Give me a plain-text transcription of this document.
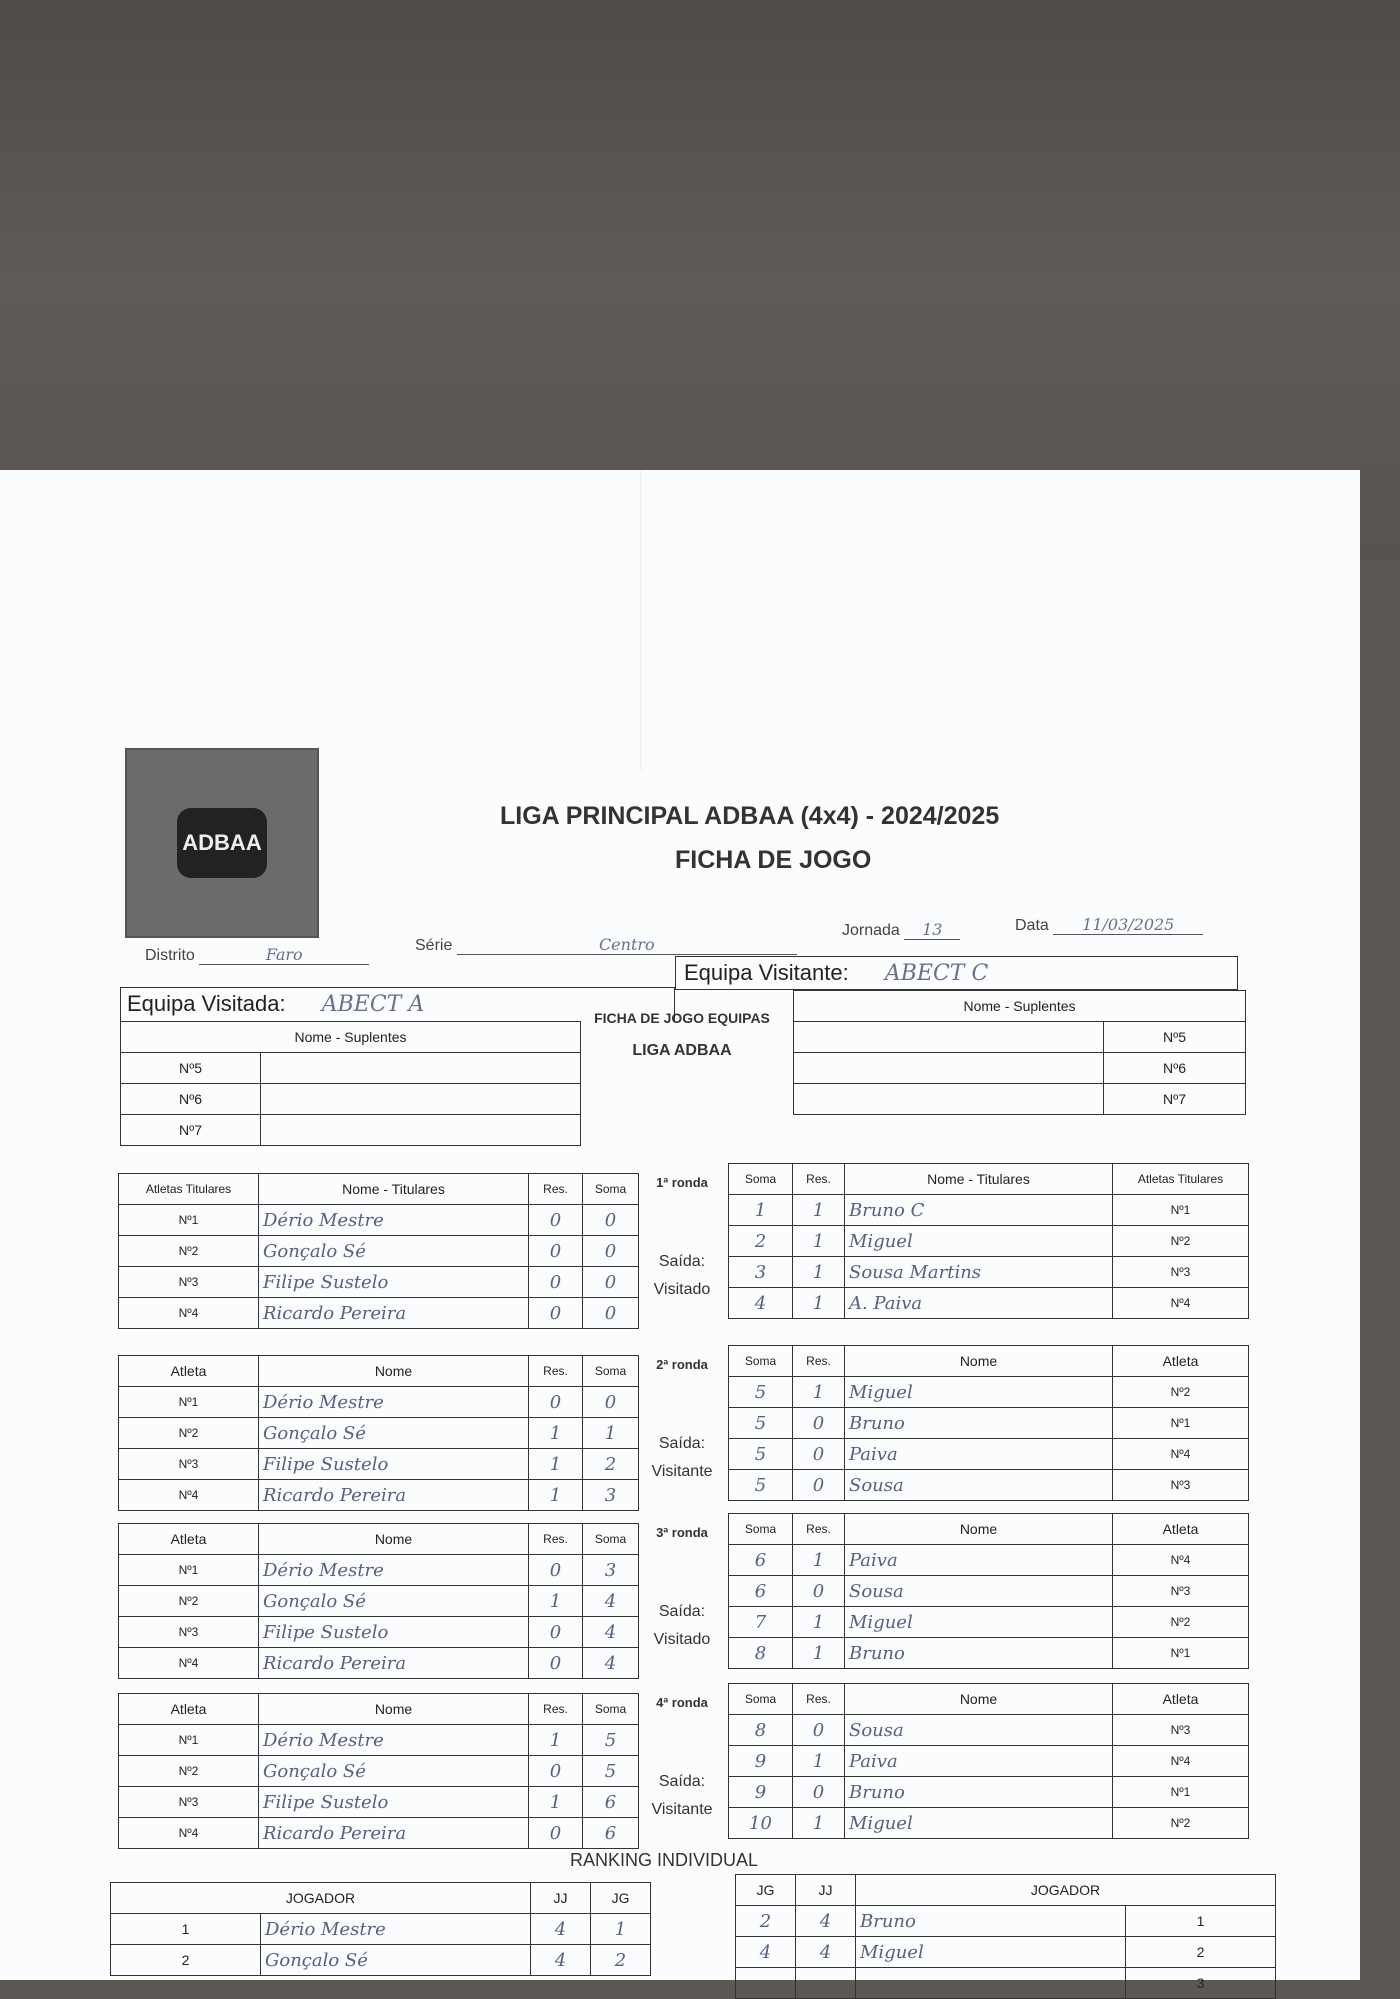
ADBAA
LIGA PRINCIPAL ADBAA (4x4) - 2024/2025
FICHA DE JOGO
Distrito	Faro	Série	Centro
Jornada 13	Data 11/03/2025
Equipa Visitante: ABECT C
Equipa Visitada: ABECT A
Nome - Suplentes	
Nº5	
Nº6	
Nº7	
FICHA DE JOGO EQUIPAS
LIGA ADBAA
Nome - Suplentes	
	Nº5
	Nº6
	Nº7
Atletas Titulares	Nome - Titulares	Res.	Soma
Nº1	Dério Mestre	0	0
Nº2	Gonçalo Sé	0	0
Nº3	Filipe Sustelo	0	0
Nº4	Ricardo Pereira	0	0
1ª ronda
Saída:
Visitado
Soma	Res.	Nome - Titulares	Atletas Titulares
1	1	Bruno C	Nº1
2	1	Miguel	Nº2
3	1	Sousa Martins	Nº3
4	1	A. Paiva	Nº4
Atleta	Nome	Res.	Soma
Nº1	Dério Mestre	0	0
Nº2	Gonçalo Sé	1	1
Nº3	Filipe Sustelo	1	2
Nº4	Ricardo Pereira	1	3
2ª ronda
Saída:
Visitante
Soma	Res.	Nome	Atleta
5	1	Miguel	Nº2
5	0	Bruno	Nº1
5	0	Paiva	Nº4
5	0	Sousa	Nº3
Atleta	Nome	Res.	Soma
Nº1	Dério Mestre	0	3
Nº2	Gonçalo Sé	1	4
Nº3	Filipe Sustelo	0	4
Nº4	Ricardo Pereira	0	4
3ª ronda
Saída:
Visitado
Soma	Res.	Nome	Atleta
6	1	Paiva	Nº4
6	0	Sousa	Nº3
7	1	Miguel	Nº2
8	1	Bruno	Nº1
Atleta	Nome	Res.	Soma
Nº1	Dério Mestre	1	5
Nº2	Gonçalo Sé	0	5
Nº3	Filipe Sustelo	1	6
Nº4	Ricardo Pereira	0	6
4ª ronda
Saída:
Visitante
Soma	Res.	Nome	Atleta
8	0	Sousa	Nº3
9	1	Paiva	Nº4
9	0	Bruno	Nº1
10	1	Miguel	Nº2
RANKING INDIVIDUAL
JOGADOR		JJ	JG
1	Dério Mestre	4	1
2	Gonçalo Sé	4	2
JG	JJ	JOGADOR	
2	4	Bruno	1
4	4	Miguel	2
			3
